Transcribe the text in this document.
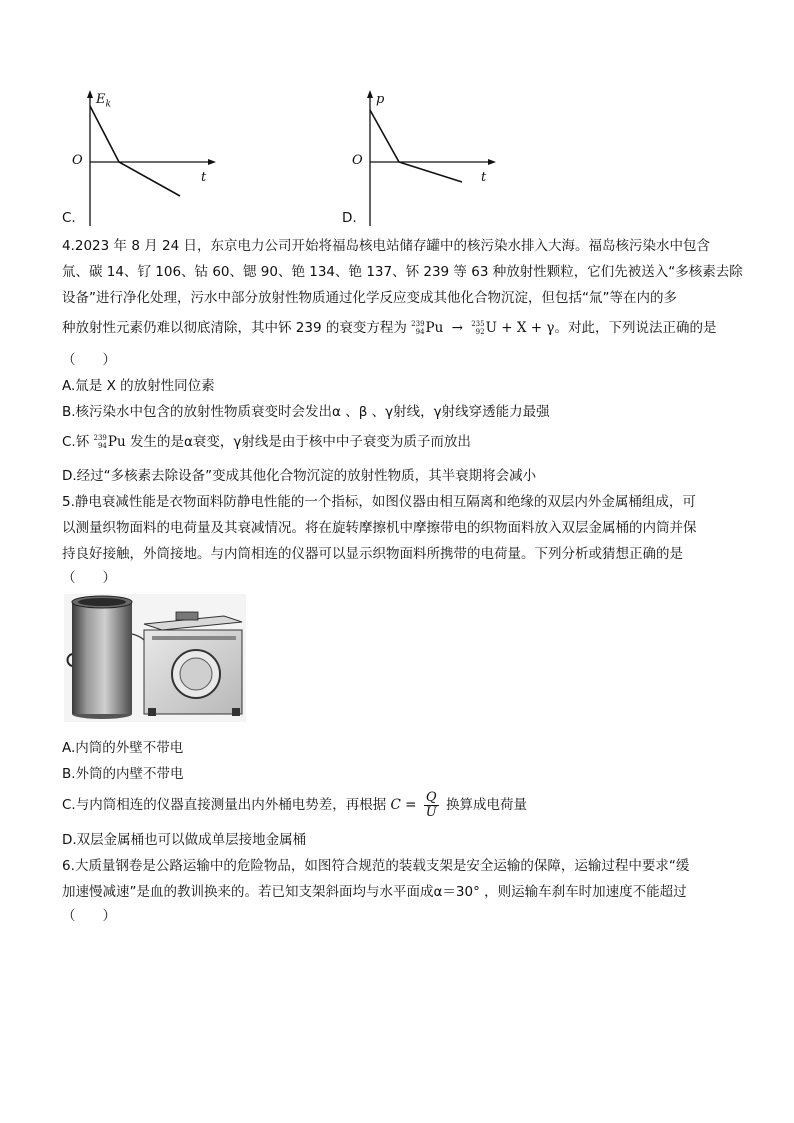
$E_k$
O
t
C.
p
O
t
D.
4.2023 年 8 月 24 日，东京电力公司开始将福岛核电站储存罐中的核污染水排入大海。福岛核污染水中包含
氚、碳 14、钌 106、钴 60、锶 90、铯 134、铯 137、钚 239 等 63 种放射性颗粒，它们先被送入“多核素去除
设备”进行净化处理，污水中部分放射性物质通过化学反应变成其他化合物沉淀，但包括“氚”等在内的多
种放射性元素仍难以彻底清除，其中钚 239 的衰变方程为 239
94 Pu → 235
92 U + X + γ。对此，下列说法正确的是
（　　）
A.氚是 X 的放射性同位素
B.核污染水中包含的放射性物质衰变时会发出α 、β 、γ射线，γ射线穿透能力最强
C.钚 239
94 Pu 发生的是α衰变，γ射线是由于核中中子衰变为质子而放出
D.经过“多核素去除设备”变成其他化合物沉淀的放射性物质，其半衰期将会减小
5.静电衰减性能是衣物面料防静电性能的一个指标，如图仪器由相互隔离和绝缘的双层内外金属桶组成，可
以测量织物面料的电荷量及其衰减情况。将在旋转摩擦机中摩擦带电的织物面料放入双层金属桶的内筒并保
持良好接触，外筒接地。与内筒相连的仪器可以显示织物面料所携带的电荷量。下列分析或猜想正确的是
（　　）
A.内筒的外壁不带电
B.外筒的内壁不带电
C.与内筒相连的仪器直接测量出内外桶电势差，再根据 $C = \frac{Q}{U}$ 换算成电荷量
D.双层金属桶也可以做成单层接地金属桶
6.大质量钢卷是公路运输中的危险物品，如图符合规范的装载支架是安全运输的保障，运输过程中要求“缓
加速慢减速”是血的教训换来的。若已知支架斜面均与水平面成α＝30° ，则运输车刹车时加速度不能超过
（　　）
